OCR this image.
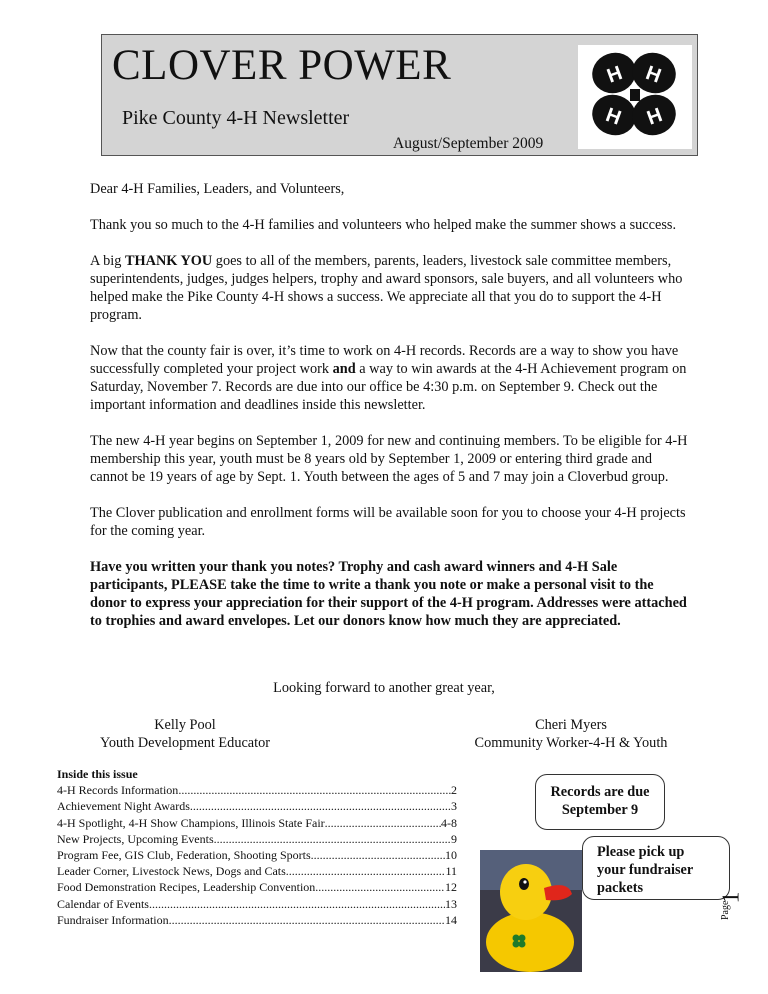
CLOVER POWER
Pike County 4-H Newsletter
August/September 2009
H H
H H

Dear 4-H Families, Leaders, and Volunteers,

Thank you so much to the 4-H families and volunteers who helped make the summer shows a success.

A big THANK YOU goes to all of the members, parents, leaders, livestock sale committee members, superintendents, judges, judges helpers, trophy and award sponsors, sale buyers, and all volunteers who helped make the Pike County 4-H shows a success. We appreciate all that you do to support the 4-H program.

Now that the county fair is over, it’s time to work on 4-H records. Records are a way to show you have successfully completed your project work and a way to win awards at the 4-H Achievement program on Saturday, November 7. Records are due into our office be 4:30 p.m. on September 9. Check out the important information and deadlines inside this newsletter.

The new 4-H year begins on September 1, 2009 for new and continuing members. To be eligible for 4-H membership this year, youth must be 8 years old by September 1, 2009 or entering third grade and cannot be 19 years of age by Sept. 1. Youth between the ages of 5 and 7 may join a Cloverbud group.

The Clover publication and enrollment forms will be available soon for you to choose your 4-H projects for the coming year.

Have you written your thank you notes? Trophy and cash award winners and 4-H Sale participants, PLEASE take the time to write a thank you note or make a personal visit to the donor to express your appreciation for their support of the 4-H program. Addresses were attached to trophies and award envelopes. Let our donors know how much they are appreciated.

Looking forward to another great year,
Kelly Pool
Youth Development Educator
Cheri Myers
Community Worker-4-H & Youth
Inside this issue
4-H Records Information .....	2
Achievement Night Awards .....	3
4-H Spotlight, 4-H Show Champions, Illinois State Fair .....	4-8
New Projects, Upcoming Events .....	9
Program Fee, GIS Club, Federation, Shooting Sports .....	10
Leader Corner, Livestock News, Dogs and Cats .....	11
Food Demonstration Recipes, Leadership Convention .....	12
Calendar of Events .....	13
Fundraiser Information .....	14
Records are due
September 9
Please pick up
your fundraiser
packets
Page
1
